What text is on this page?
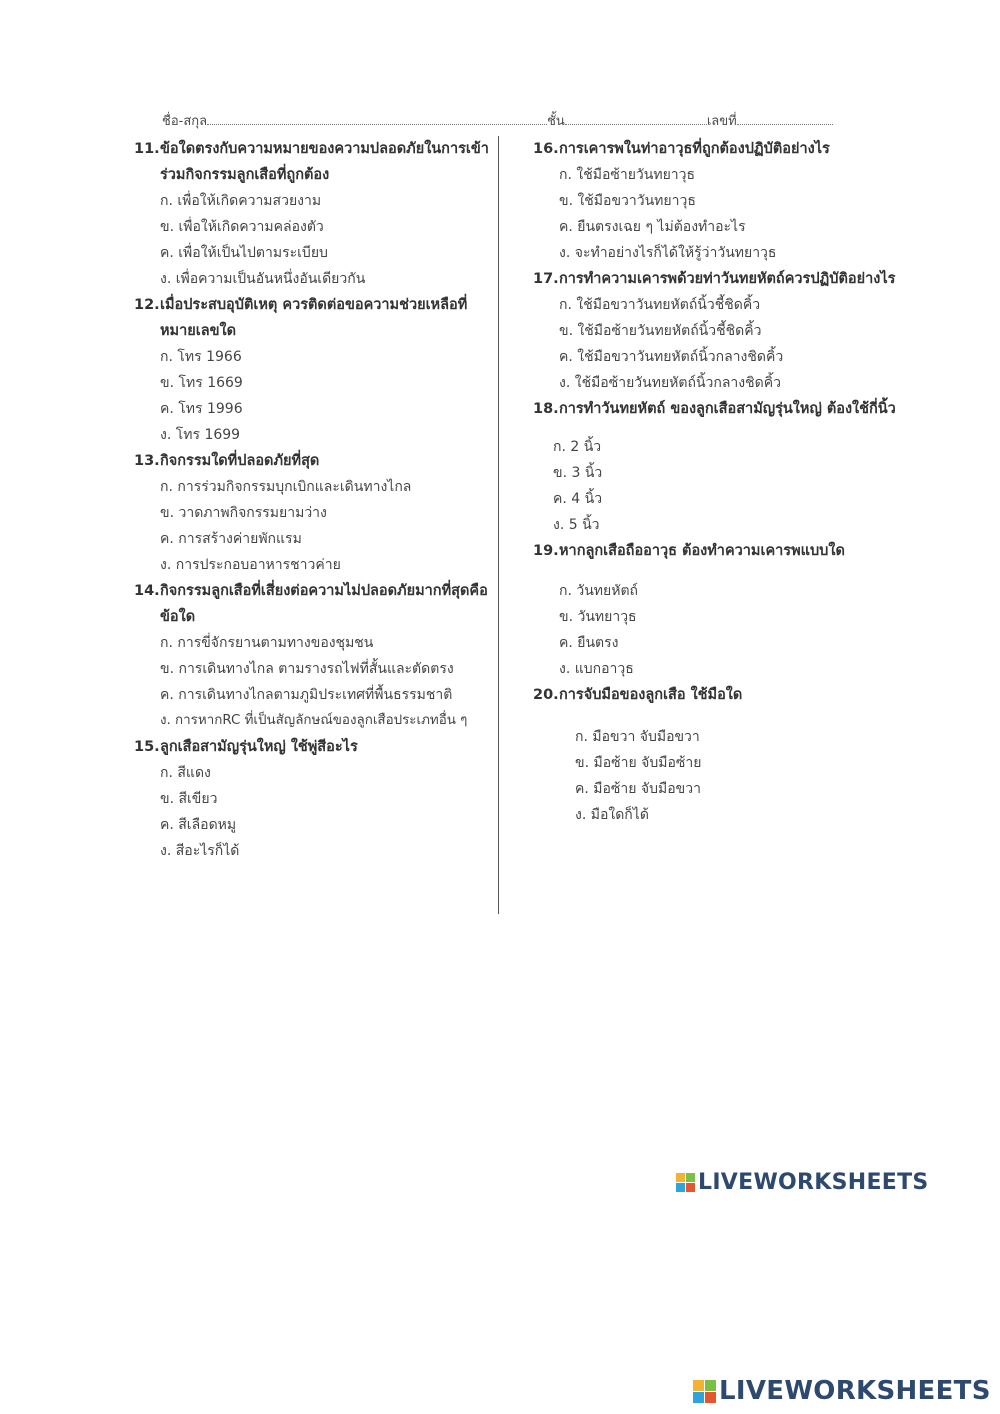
ชื่อ-สกุล	ชั้น	เลขที่
11. ข้อใดตรงกับความหมายของความปลอดภัยในการเข้าร่วมกิจกรรมลูกเสือที่ถูกต้อง
ก. เพื่อให้เกิดความสวยงาม
ข. เพื่อให้เกิดความคล่องตัว
ค. เพื่อให้เป็นไปตามระเบียบ
ง. เพื่อความเป็นอันหนึ่งอันเดียวกัน
12. เมื่อประสบอุบัติเหตุ ควรติดต่อขอความช่วยเหลือที่หมายเลขใด
ก. โทร 1966
ข. โทร 1669
ค. โทร 1996
ง. โทร 1699
13. กิจกรรมใดที่ปลอดภัยที่สุด
ก. การร่วมกิจกรรมบุกเบิกและเดินทางไกล
ข. วาดภาพกิจกรรมยามว่าง
ค. การสร้างค่ายพักแรม
ง. การประกอบอาหารชาวค่าย
14. กิจกรรมลูกเสือที่เสี่ยงต่อความไม่ปลอดภัยมากที่สุดคือข้อใด
ก. การขี่จักรยานตามทางของชุมชน
ข. การเดินทางไกล ตามรางรถไฟที่สั้นและตัดตรง
ค. การเดินทางไกลตามภูมิประเทศที่พื้นธรรมชาติ
ง. การหากRC ที่เป็นสัญลักษณ์ของลูกเสือประเภทอื่น ๆ
15. ลูกเสือสามัญรุ่นใหญ่ ใช้พู่สีอะไร
ก. สีแดง
ข. สีเขียว
ค. สีเลือดหมู
ง. สีอะไรก็ได้
16. การเคารพในท่าอาวุธที่ถูกต้องปฏิบัติอย่างไร
ก. ใช้มือซ้ายวันทยาวุธ
ข. ใช้มือขวาวันทยาวุธ
ค. ยืนตรงเฉย ๆ ไม่ต้องทำอะไร
ง. จะทำอย่างไรก็ได้ให้รู้ว่าวันทยาวุธ
17. การทำความเคารพด้วยท่าวันทยหัตถ์ควรปฏิบัติอย่างไร
ก. ใช้มือขวาวันทยหัตถ์นิ้วชี้ชิดคิ้ว
ข. ใช้มือซ้ายวันทยหัตถ์นิ้วชี้ชิดคิ้ว
ค. ใช้มือขวาวันทยหัตถ์นิ้วกลางชิดคิ้ว
ง. ใช้มือซ้ายวันทยหัตถ์นิ้วกลางชิดคิ้ว
18. การทำวันทยหัตถ์ ของลูกเสือสามัญรุ่นใหญ่ ต้องใช้กี่นิ้ว
ก. 2 นิ้ว
ข. 3 นิ้ว
ค. 4 นิ้ว
ง. 5 นิ้ว
19. หากลูกเสือถืออาวุธ ต้องทำความเคารพแบบใด
ก. วันทยหัตถ์
ข. วันทยาวุธ
ค. ยืนตรง
ง. แบกอาวุธ
20. การจับมือของลูกเสือ ใช้มือใด
ก. มือขวา จับมือขวา
ข. มือซ้าย จับมือซ้าย
ค. มือซ้าย จับมือขวา
ง. มือใดก็ได้
LIVEWORKSHEETS
LIVEWORKSHEETS
